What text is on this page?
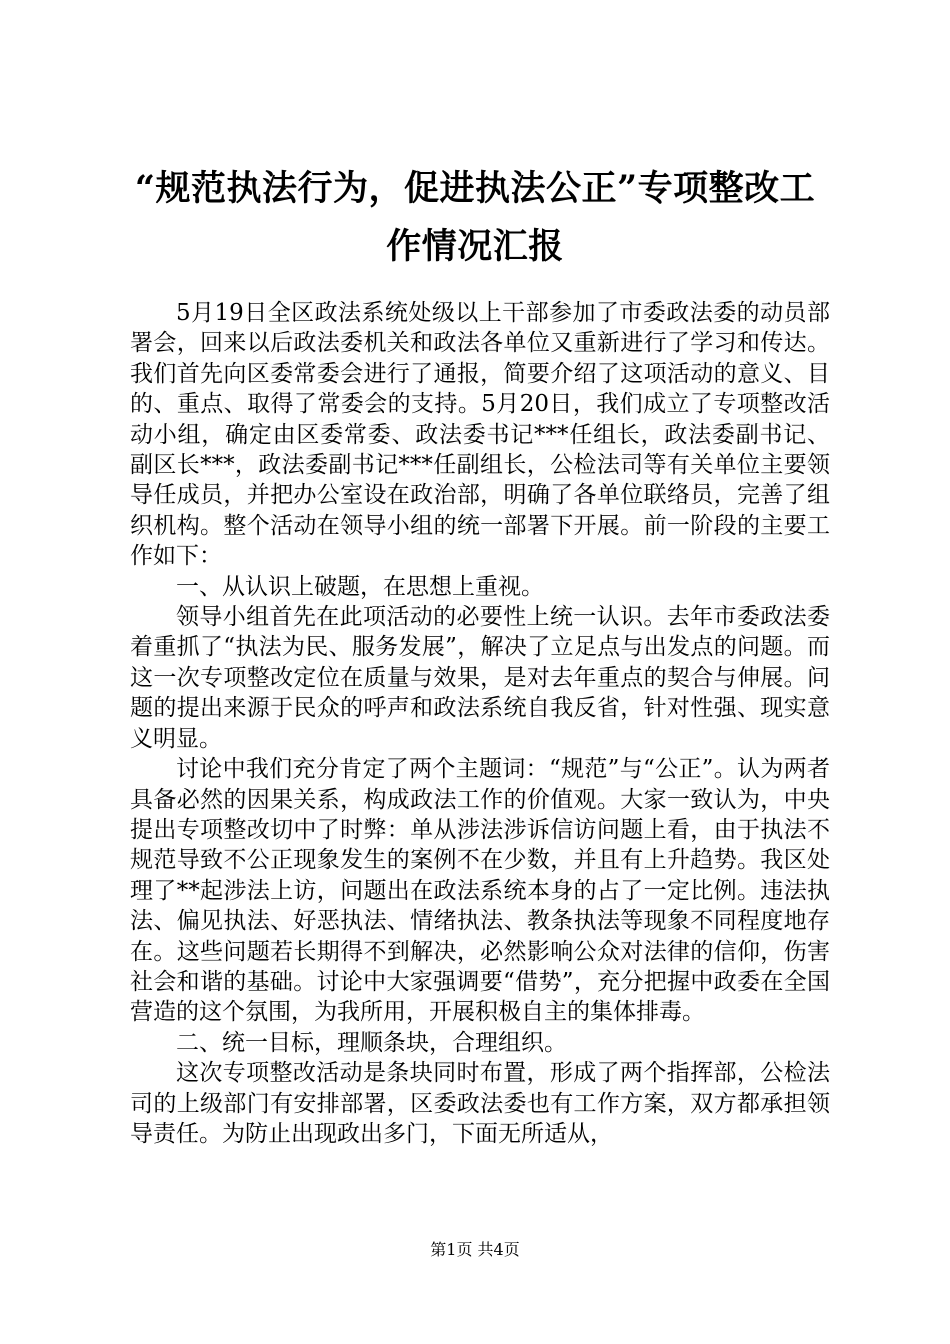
“规范执法行为，促进执法公正”专项整改工
作情况汇报

5月19日全区政法系统处级以上干部参加了市委政法委的动员部署会，回来以后政法委机关和政法各单位又重新进行了学习和传达。我们首先向区委常委会进行了通报，简要介绍了这项活动的意义、目的、重点、取得了常委会的支持。5月20日，我们成立了专项整改活动小组，确定由区委常委、政法委书记***任组长，政法委副书记、副区长***，政法委副书记***任副组长，公检法司等有关单位主要领导任成员，并把办公室设在政治部，明确了各单位联络员，完善了组织机构。整个活动在领导小组的统一部署下开展。前一阶段的主要工作如下：

一、从认识上破题，在思想上重视。

领导小组首先在此项活动的必要性上统一认识。去年市委政法委着重抓了“执法为民、服务发展”，解决了立足点与出发点的问题。而这一次专项整改定位在质量与效果，是对去年重点的契合与伸展。问题的提出来源于民众的呼声和政法系统自我反省，针对性强、现实意义明显。

讨论中我们充分肯定了两个主题词：“规范”与“公正”。认为两者具备必然的因果关系，构成政法工作的价值观。大家一致认为，中央提出专项整改切中了时弊：单从涉法涉诉信访问题上看，由于执法不规范导致不公正现象发生的案例不在少数，并且有上升趋势。我区处理了**起涉法上访，问题出在政法系统本身的占了一定比例。违法执法、偏见执法、好恶执法、情绪执法、教条执法等现象不同程度地存在。这些问题若长期得不到解决，必然影响公众对法律的信仰，伤害社会和谐的基础。讨论中大家强调要“借势”，充分把握中政委在全国营造的这个氛围，为我所用，开展积极自主的集体排毒。

二、统一目标，理顺条块，合理组织。

这次专项整改活动是条块同时布置，形成了两个指挥部，公检法司的上级部门有安排部署，区委政法委也有工作方案，双方都承担领导责任。为防止出现政出多门，下面无所适从，

第1页 共4页
